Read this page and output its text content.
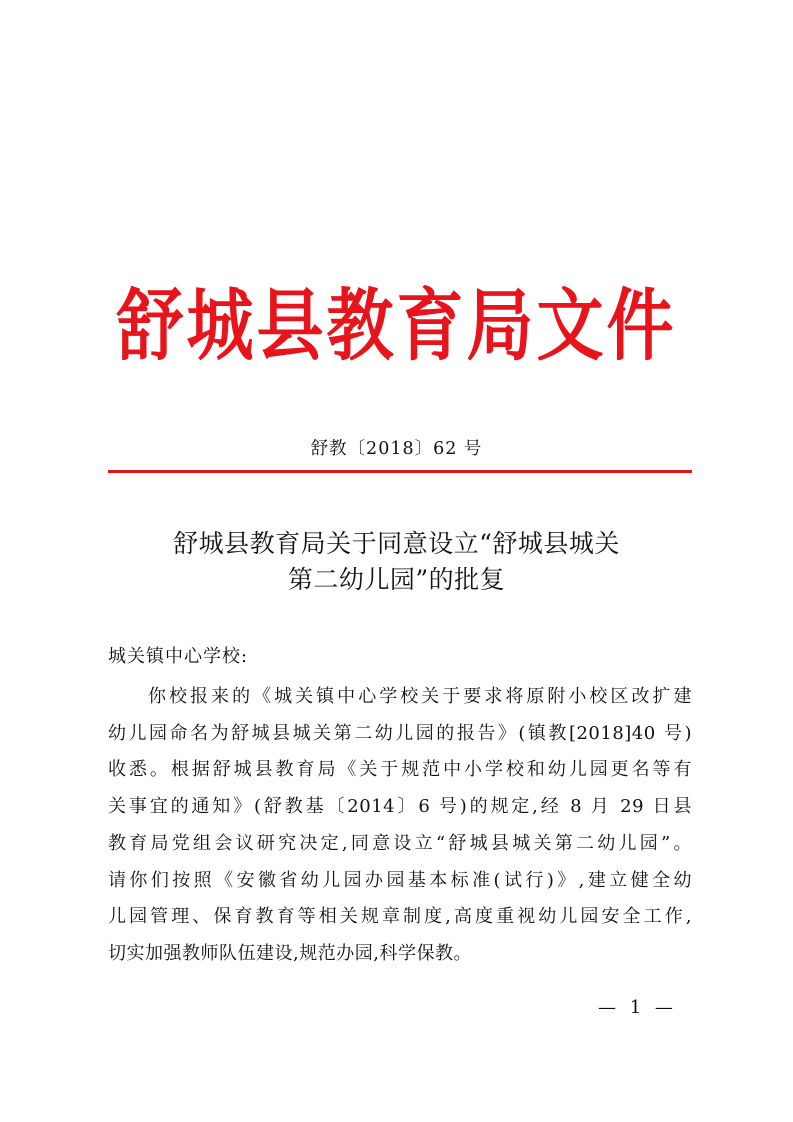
舒城县教育局文件
舒教〔2018〕62 号
舒城县教育局关于同意设立“舒城县城关
第二幼儿园”的批复
城关镇中心学校:
你校报来的《城关镇中心学校关于要求将原附小校区改扩建
幼儿园命名为舒城县城关第二幼儿园的报告》(镇教[2018]40 号)
收悉。根据舒城县教育局《关于规范中小学校和幼儿园更名等有
关事宜的通知》(舒教基〔2014〕6 号)的规定,经 8 月 29 日县
教育局党组会议研究决定,同意设立“舒城县城关第二幼儿园”。
请你们按照《安徽省幼儿园办园基本标准(试行)》,建立健全幼
儿园管理、保育教育等相关规章制度,高度重视幼儿园安全工作,
切实加强教师队伍建设,规范办园,科学保教。
— 1 —
